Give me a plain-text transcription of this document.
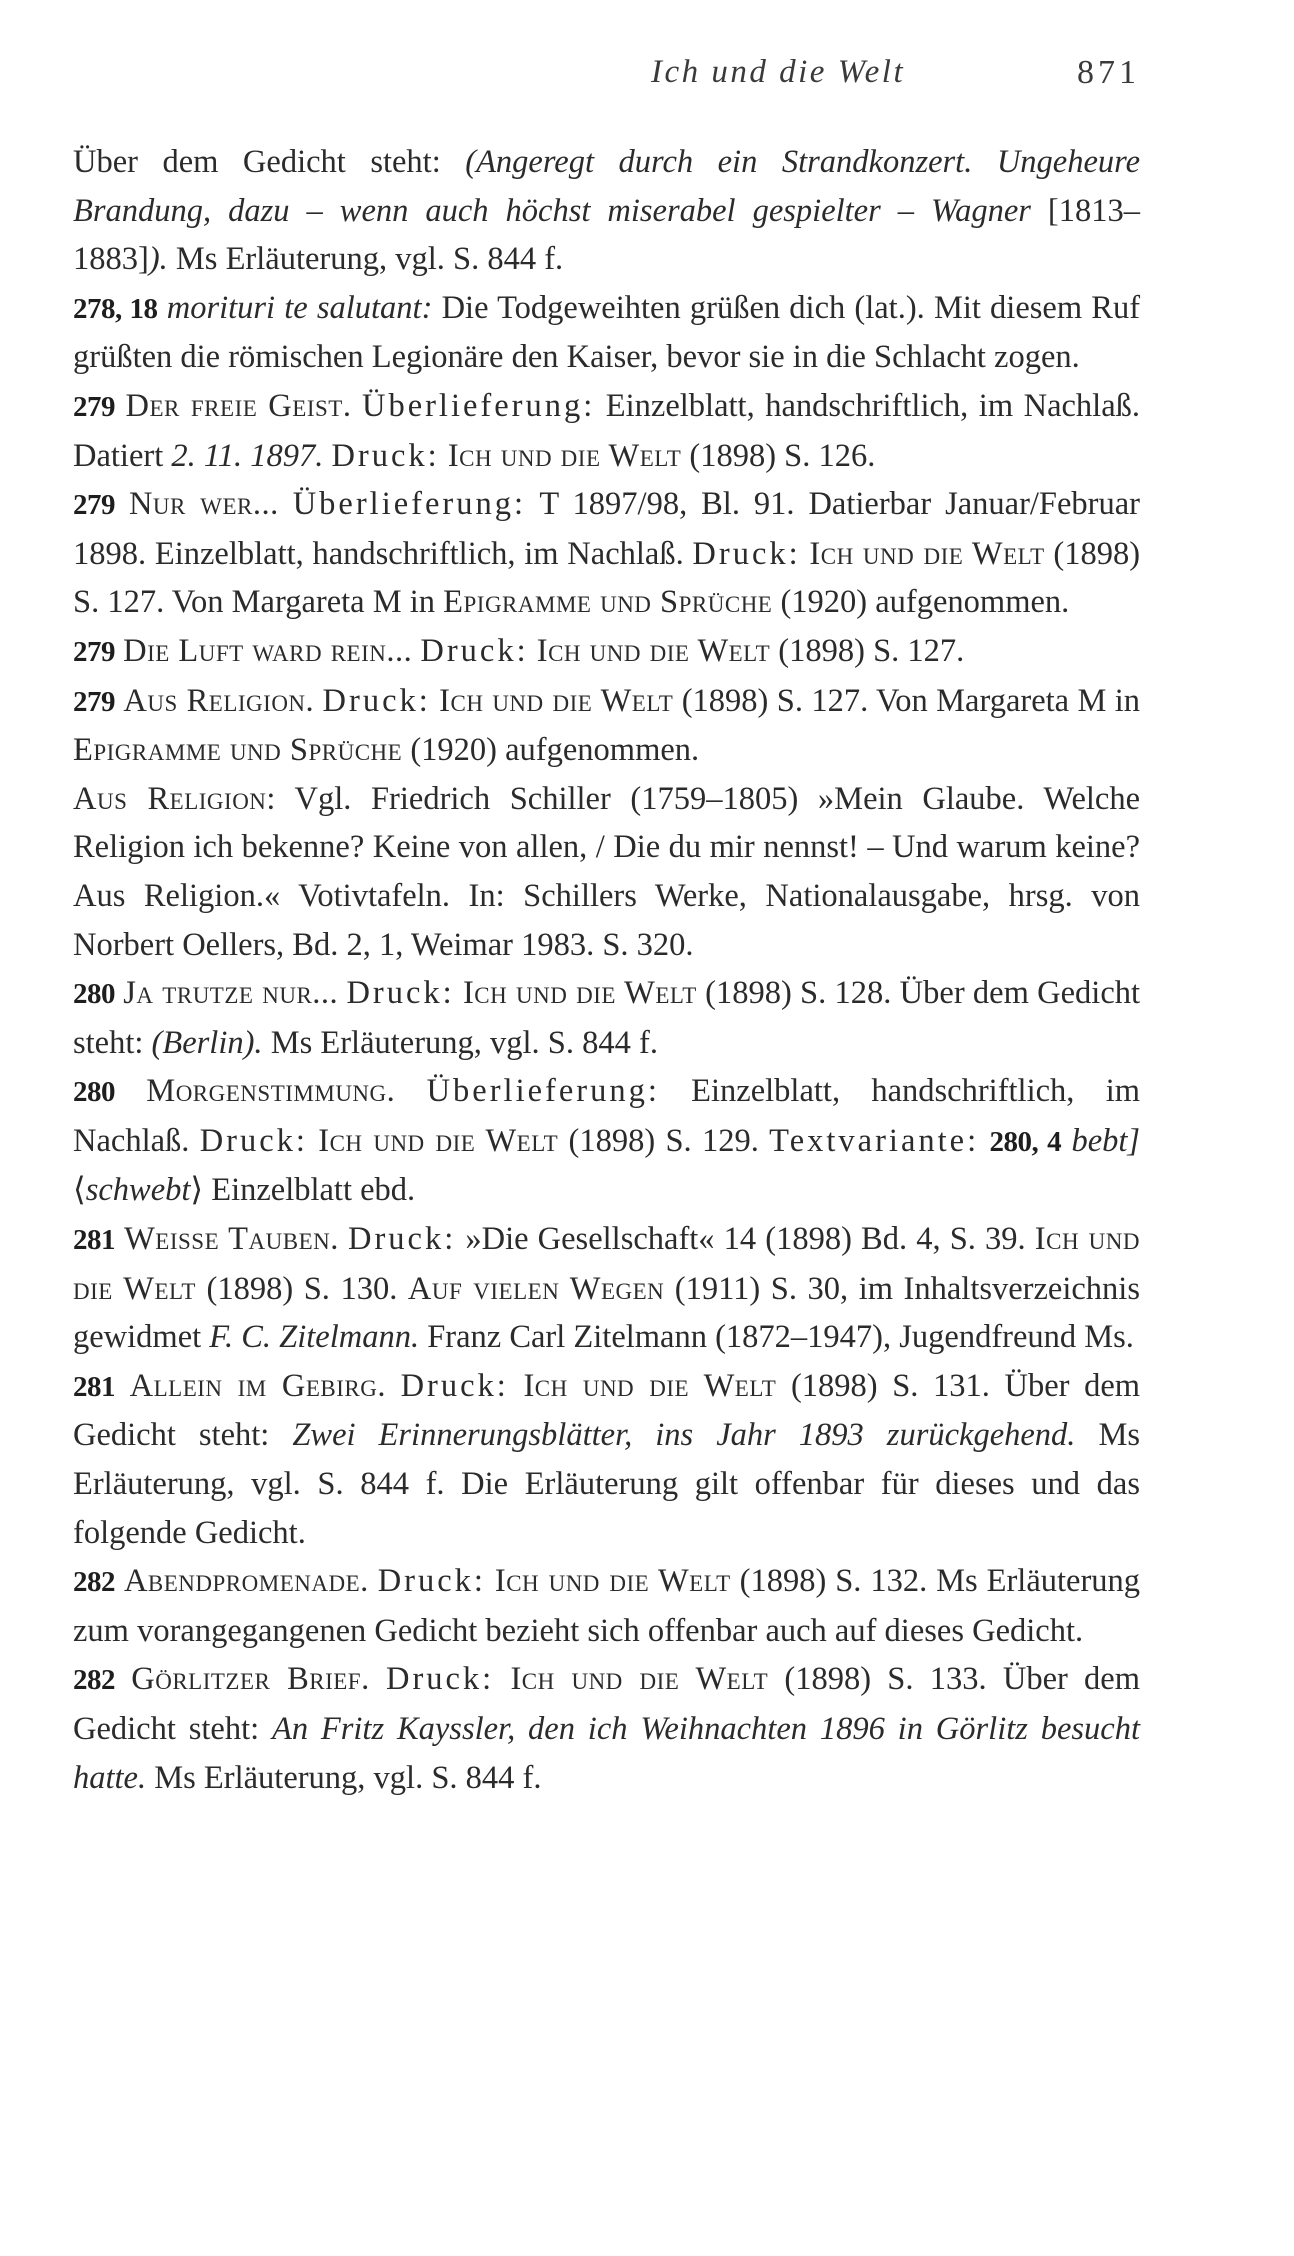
Ich und die Welt	871

Über dem Gedicht steht: (Angeregt durch ein Strandkonzert. Ungeheure Brandung, dazu – wenn auch höchst miserabel gespielter – Wagner [1813–1883]). Ms Erläuterung, vgl. S. 844 f.

278, 18 morituri te salutant: Die Todgeweihten grüßen dich (lat.). Mit diesem Ruf grüßten die römischen Legionäre den Kaiser, bevor sie in die Schlacht zogen.

279 Der freie Geist. Überlieferung: Einzelblatt, handschriftlich, im Nachlaß. Datiert 2. 11. 1897. Druck: Ich und die Welt (1898) S. 126.

279 Nur wer... Überlieferung: T 1897/98, Bl. 91. Datierbar Januar/Februar 1898. Einzelblatt, handschriftlich, im Nachlaß. Druck: Ich und die Welt (1898) S. 127. Von Margareta M in Epigramme und Sprüche (1920) aufgenommen.

279 Die Luft ward rein... Druck: Ich und die Welt (1898) S. 127.

279 Aus Religion. Druck: Ich und die Welt (1898) S. 127. Von Margareta M in Epigramme und Sprüche (1920) aufgenommen.

Aus Religion: Vgl. Friedrich Schiller (1759–1805) »Mein Glaube. Welche Religion ich bekenne? Keine von allen, / Die du mir nennst! – Und warum keine? Aus Religion.« Votivtafeln. In: Schillers Werke, Nationalausgabe, hrsg. von Norbert Oellers, Bd. 2, 1, Weimar 1983. S. 320.

280 Ja trutze nur... Druck: Ich und die Welt (1898) S. 128. Über dem Gedicht steht: (Berlin). Ms Erläuterung, vgl. S. 844 f.

280 Morgenstimmung. Überlieferung: Einzelblatt, handschriftlich, im Nachlaß. Druck: Ich und die Welt (1898) S. 129. Textvariante: 280, 4 bebt] ⟨schwebt⟩ Einzelblatt ebd.

281 Weisse Tauben. Druck: »Die Gesellschaft« 14 (1898) Bd. 4, S. 39. Ich und die Welt (1898) S. 130. Auf vielen Wegen (1911) S. 30, im Inhaltsverzeichnis gewidmet F. C. Zitelmann. Franz Carl Zitelmann (1872–1947), Jugendfreund Ms.

281 Allein im Gebirg. Druck: Ich und die Welt (1898) S. 131. Über dem Gedicht steht: Zwei Erinnerungsblätter, ins Jahr 1893 zurückgehend. Ms Erläuterung, vgl. S. 844 f. Die Erläuterung gilt offenbar für dieses und das folgende Gedicht.

282 Abendpromenade. Druck: Ich und die Welt (1898) S. 132. Ms Erläuterung zum vorangegangenen Gedicht bezieht sich offenbar auch auf dieses Gedicht.

282 Görlitzer Brief. Druck: Ich und die Welt (1898) S. 133. Über dem Gedicht steht: An Fritz Kayssler, den ich Weihnachten 1896 in Görlitz besucht hatte. Ms Erläuterung, vgl. S. 844 f.
